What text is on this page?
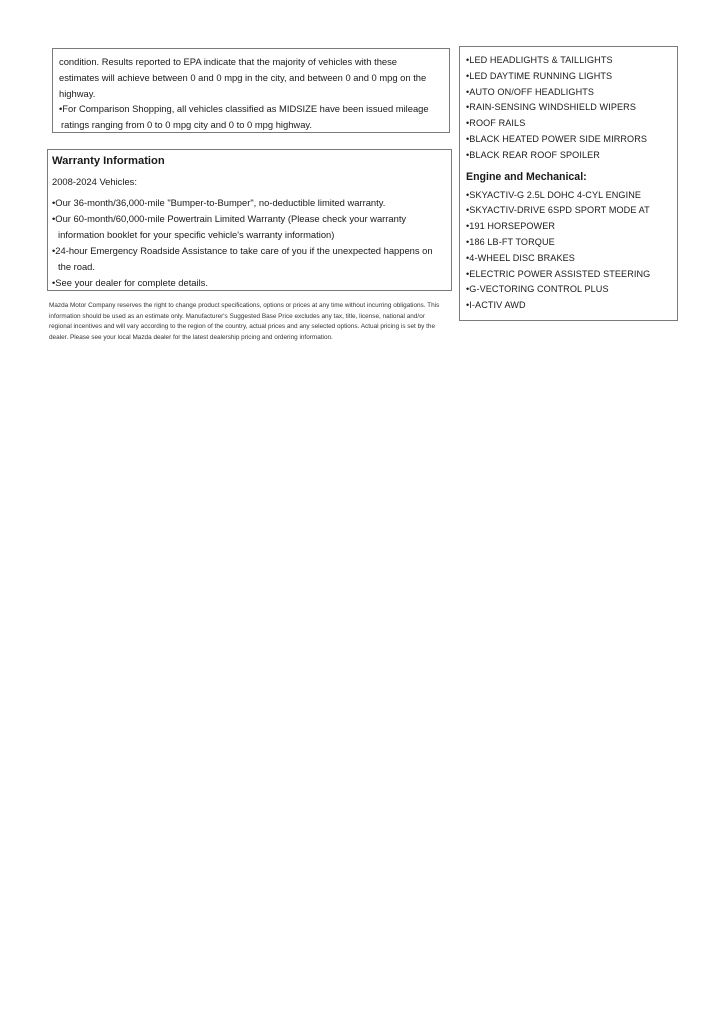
condition. Results reported to EPA indicate that the majority of vehicles with these

estimates will achieve between 0 and 0 mpg in the city, and between 0 and 0 mpg on the

highway.

•For Comparison Shopping, all vehicles classified as MIDSIZE have been issued mileage

ratings ranging from 0 to 0 mpg city and 0 to 0 mpg highway.

Warranty Information

2008-2024 Vehicles:

•Our 36-month/36,000-mile "Bumper-to-Bumper", no-deductible limited warranty.

•Our 60-month/60,000-mile Powertrain Limited Warranty (Please check your warranty
information booklet for your specific vehicle's warranty information)

•24-hour Emergency Roadside Assistance to take care of you if the unexpected happens on
the road.

•See your dealer for complete details.

Mazda Motor Company reserves the right to change product specifications, options or prices at any time without incurring obligations. This information should be used as an estimate only. Manufacturer's Suggested Base Price excludes any tax, title, license, national and/or regional incentives and will vary according to the region of the country, actual prices and any selected options. Actual pricing is set by the dealer. Please see your local Mazda dealer for the latest dealership pricing and ordering information.

•LED HEADLIGHTS & TAILLIGHTS

•LED DAYTIME RUNNING LIGHTS

•AUTO ON/OFF HEADLIGHTS

•RAIN-SENSING WINDSHIELD WIPERS

•ROOF RAILS

•BLACK HEATED POWER SIDE MIRRORS

•BLACK REAR ROOF SPOILER

Engine and Mechanical:

•SKYACTIV-G 2.5L DOHC 4-CYL ENGINE

•SKYACTIV-DRIVE 6SPD SPORT MODE AT

•191 HORSEPOWER

•186 LB-FT TORQUE

•4-WHEEL DISC BRAKES

•ELECTRIC POWER ASSISTED STEERING

•G-VECTORING CONTROL PLUS

•I-ACTIV AWD
